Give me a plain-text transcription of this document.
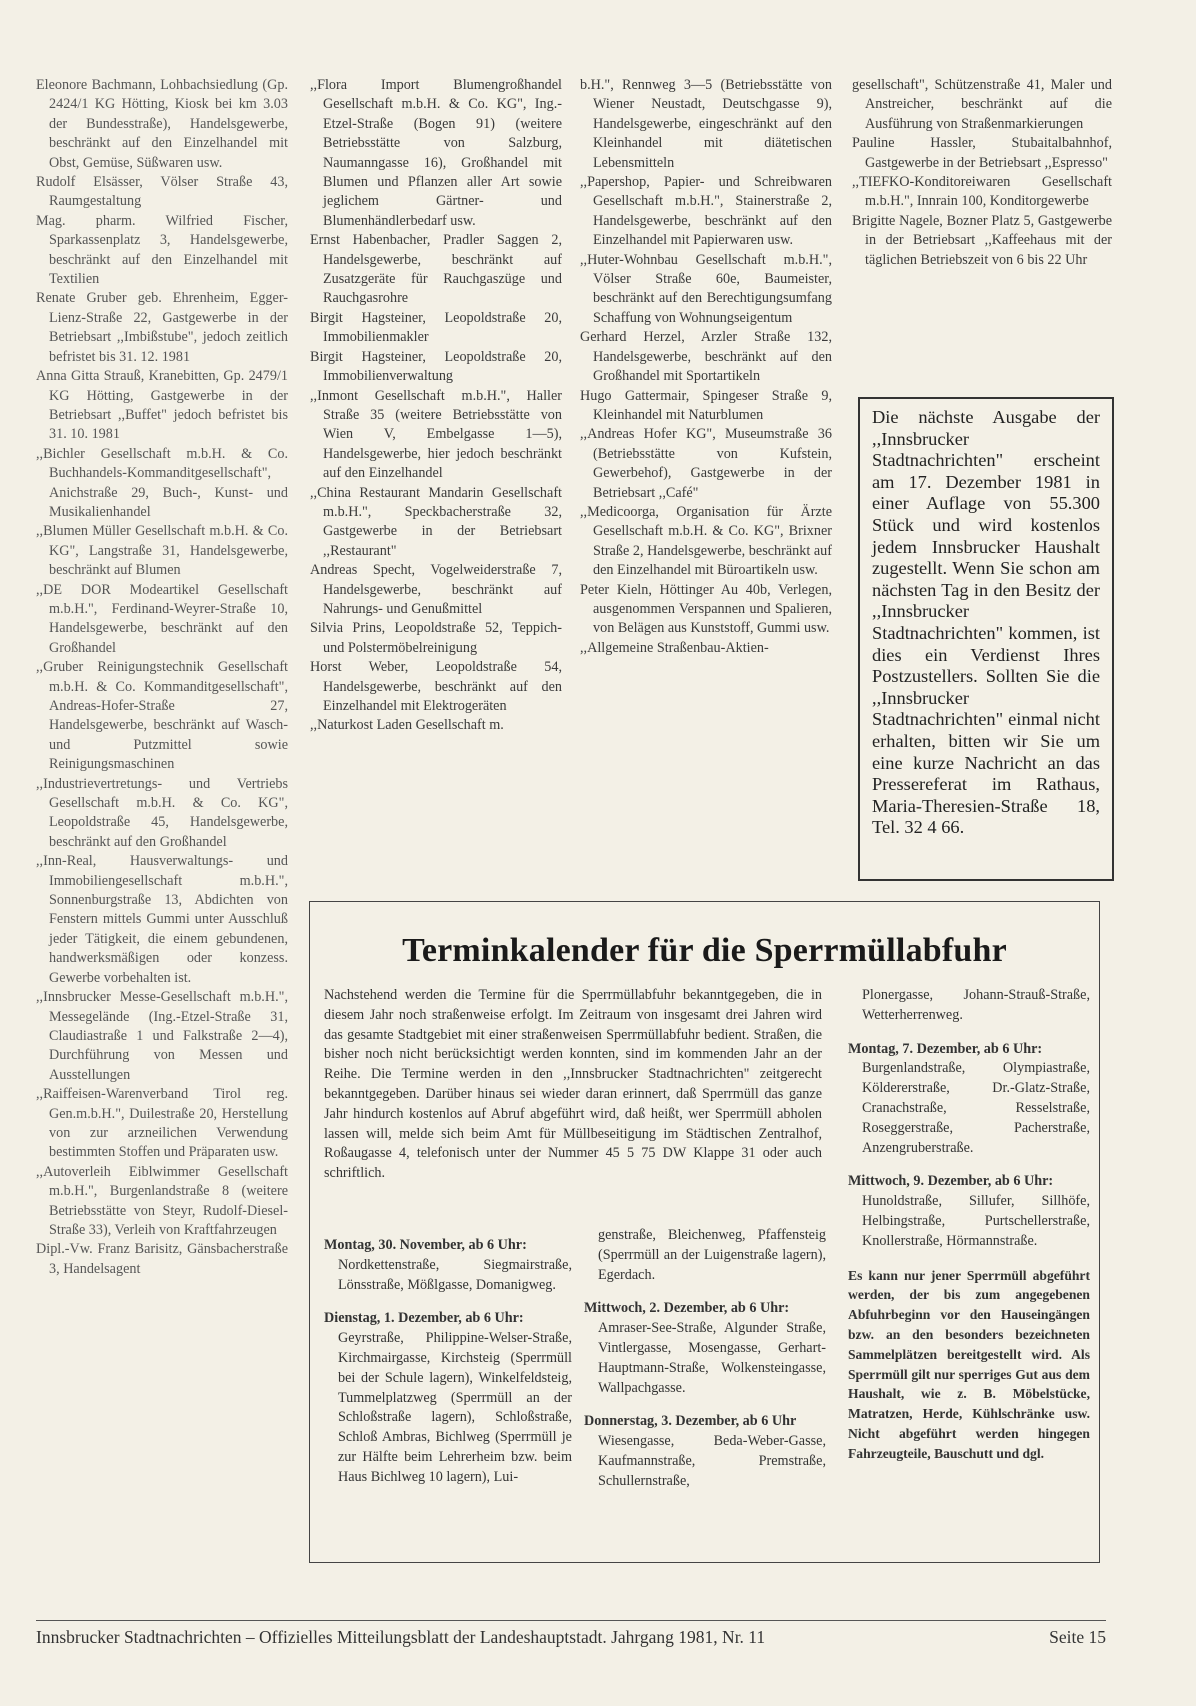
Eleonore Bachmann, Lohbachsiedlung (Gp. 2424/1 KG Hötting, Kiosk bei km 3.03 der Bundesstraße), Handelsgewerbe, beschränkt auf den Einzelhandel mit Obst, Gemüse, Süßwaren usw.

Rudolf Elsässer, Völser Straße 43, Raumgestaltung

Mag. pharm. Wilfried Fischer, Sparkassenplatz 3, Handelsgewerbe, beschränkt auf den Einzelhandel mit Textilien

Renate Gruber geb. Ehrenheim, Egger-Lienz-Straße 22, Gastgewerbe in der Betriebsart ,,Imbißstube", jedoch zeitlich befristet bis 31. 12. 1981

Anna Gitta Strauß, Kranebitten, Gp. 2479/1 KG Hötting, Gastgewerbe in der Betriebsart ,,Buffet" jedoch befristet bis 31. 10. 1981

,,Bichler Gesellschaft m.b.H. & Co. Buchhandels-Kommanditgesellschaft", Anichstraße 29, Buch-, Kunst- und Musikalienhandel

,,Blumen Müller Gesellschaft m.b.H. & Co. KG", Langstraße 31, Handelsgewerbe, beschränkt auf Blumen

,,DE DOR Modeartikel Gesellschaft m.b.H.", Ferdinand-Weyrer-Straße 10, Handelsgewerbe, beschränkt auf den Großhandel

,,Gruber Reinigungstechnik Gesellschaft m.b.H. & Co. Kommanditgesellschaft", Andreas-Hofer-Straße 27, Handelsgewerbe, beschränkt auf Wasch- und Putzmittel sowie Reinigungsmaschinen

,,Industrievertretungs- und Vertriebs Gesellschaft m.b.H. & Co. KG", Leopoldstraße 45, Handelsgewerbe, beschränkt auf den Großhandel

,,Inn-Real, Hausverwaltungs- und Immobiliengesellschaft m.b.H.", Sonnenburgstraße 13, Abdichten von Fenstern mittels Gummi unter Ausschluß jeder Tätigkeit, die einem gebundenen, handwerksmäßigen oder konzess. Gewerbe vorbehalten ist.

,,Innsbrucker Messe-Gesellschaft m.b.H.", Messegelände (Ing.-Etzel-Straße 31, Claudiastraße 1 und Falkstraße 2—4), Durchführung von Messen und Ausstellungen

,,Raiffeisen-Warenverband Tirol reg. Gen.m.b.H.", Duilestraße 20, Herstellung von zur arzneilichen Verwendung bestimmten Stoffen und Präparaten usw.

,,Autoverleih Eiblwimmer Gesellschaft m.b.H.", Burgenlandstraße 8 (weitere Betriebsstätte von Steyr, Rudolf-Diesel-Straße 33), Verleih von Kraftfahrzeugen

Dipl.-Vw. Franz Barisitz, Gänsbacherstraße 3, Handelsagent

,,Flora Import Blumengroßhandel Gesellschaft m.b.H. & Co. KG", Ing.-Etzel-Straße (Bogen 91) (weitere Betriebsstätte von Salzburg, Naumanngasse 16), Großhandel mit Blumen und Pflanzen aller Art sowie jeglichem Gärtner- und Blumenhändlerbedarf usw.

Ernst Habenbacher, Pradler Saggen 2, Handelsgewerbe, beschränkt auf Zusatzgeräte für Rauchgaszüge und Rauchgasrohre

Birgit Hagsteiner, Leopoldstraße 20, Immobilienmakler

Birgit Hagsteiner, Leopoldstraße 20, Immobilienverwaltung

,,Inmont Gesellschaft m.b.H.", Haller Straße 35 (weitere Betriebsstätte von Wien V, Embelgasse 1—5), Handelsgewerbe, hier jedoch beschränkt auf den Einzelhandel

,,China Restaurant Mandarin Gesellschaft m.b.H.", Speckbacherstraße 32, Gastgewerbe in der Betriebsart ,,Restaurant"

Andreas Specht, Vogelweiderstraße 7, Handelsgewerbe, beschränkt auf Nahrungs- und Genußmittel

Silvia Prins, Leopoldstraße 52, Teppich- und Polstermöbelreinigung

Horst Weber, Leopoldstraße 54, Handelsgewerbe, beschränkt auf den Einzelhandel mit Elektrogeräten

,,Naturkost Laden Gesellschaft m.

b.H.", Rennweg 3—5 (Betriebsstätte von Wiener Neustadt, Deutschgasse 9), Handelsgewerbe, eingeschränkt auf den Kleinhandel mit diätetischen Lebensmitteln

,,Papershop, Papier- und Schreibwaren Gesellschaft m.b.H.", Stainerstraße 2, Handelsgewerbe, beschränkt auf den Einzelhandel mit Papierwaren usw.

,,Huter-Wohnbau Gesellschaft m.b.H.", Völser Straße 60e, Baumeister, beschränkt auf den Berechtigungsumfang Schaffung von Wohnungseigentum

Gerhard Herzel, Arzler Straße 132, Handelsgewerbe, beschränkt auf den Großhandel mit Sportartikeln

Hugo Gattermair, Spingeser Straße 9, Kleinhandel mit Naturblumen

,,Andreas Hofer KG", Museumstraße 36 (Betriebsstätte von Kufstein, Gewerbehof), Gastgewerbe in der Betriebsart ,,Café"

,,Medicoorga, Organisation für Ärzte Gesellschaft m.b.H. & Co. KG", Brixner Straße 2, Handelsgewerbe, beschränkt auf den Einzelhandel mit Büroartikeln usw.

Peter Kieln, Höttinger Au 40b, Verlegen, ausgenommen Verspannen und Spalieren, von Belägen aus Kunststoff, Gummi usw.

,,Allgemeine Straßenbau-Aktien-

gesellschaft", Schützenstraße 41, Maler und Anstreicher, beschränkt auf die Ausführung von Straßenmarkierungen

Pauline Hassler, Stubaitalbahnhof, Gastgewerbe in der Betriebsart ,,Espresso"

,,TIEFKO-Konditoreiwaren Gesellschaft m.b.H.", Innrain 100, Konditorgewerbe

Brigitte Nagele, Bozner Platz 5, Gastgewerbe in der Betriebsart ,,Kaffeehaus mit der täglichen Betriebszeit von 6 bis 22 Uhr

Die nächste Ausgabe der ,,Innsbrucker Stadtnachrichten" erscheint am 17. Dezember 1981 in einer Auflage von 55.300 Stück und wird kostenlos jedem Innsbrucker Haushalt zugestellt. Wenn Sie schon am nächsten Tag in den Besitz der ,,Innsbrucker Stadtnachrichten" kommen, ist dies ein Verdienst Ihres Postzustellers. Sollten Sie die ,,Innsbrucker Stadtnachrichten" einmal nicht erhalten, bitten wir Sie um eine kurze Nachricht an das Pressereferat im Rathaus, Maria-Theresien-Straße 18, Tel. 32 4 66.
Terminkalender für die Sperrmüllabfuhr
Nachstehend werden die Termine für die Sperrmüllabfuhr bekanntgegeben, die in diesem Jahr noch straßenweise erfolgt. Im Zeitraum von insgesamt drei Jahren wird das gesamte Stadtgebiet mit einer straßenweisen Sperrmüllabfuhr bedient. Straßen, die bisher noch nicht berücksichtigt werden konnten, sind im kommenden Jahr an der Reihe. Die Termine werden in den ,,Innsbrucker Stadtnachrichten" zeitgerecht bekanntgegeben. Darüber hinaus sei wieder daran erinnert, daß Sperrmüll das ganze Jahr hindurch kostenlos auf Abruf abgeführt wird, daß heißt, wer Sperrmüll abholen lassen will, melde sich beim Amt für Müllbeseitigung im Städtischen Zentralhof, Roßaugasse 4, telefonisch unter der Nummer 45 5 75 DW Klappe 31 oder auch schriftlich.
Montag, 30. November, ab 6 Uhr:
Nordkettenstraße, Siegmairstraße, Lönsstraße, Mößlgasse, Domanigweg.
Dienstag, 1. Dezember, ab 6 Uhr:
Geyrstraße, Philippine-Welser-Straße, Kirchmairgasse, Kirchsteig (Sperrmüll bei der Schule lagern), Winkelfeldsteig, Tummelplatzweg (Sperrmüll an der Schloßstraße lagern), Schloßstraße, Schloß Ambras, Bichlweg (Sperrmüll je zur Hälfte beim Lehrerheim bzw. beim Haus Bichlweg 10 lagern), Lui-
genstraße, Bleichenweg, Pfaffensteig (Sperrmüll an der Luigenstraße lagern), Egerdach.
Mittwoch, 2. Dezember, ab 6 Uhr:
Amraser-See-Straße, Algunder Straße, Vintlergasse, Mosengasse, Gerhart-Hauptmann-Straße, Wolkensteingasse, Wallpachgasse.
Donnerstag, 3. Dezember, ab 6 Uhr
Wiesengasse, Beda-Weber-Gasse, Kaufmannstraße, Premstraße, Schullernstraße,
Plonergasse, Johann-Strauß-Straße, Wetterherrenweg.
Montag, 7. Dezember, ab 6 Uhr:
Burgenlandstraße, Olympiastraße, Köldererstraße, Dr.-Glatz-Straße, Cranachstraße, Resselstraße, Roseggerstraße, Pacherstraße, Anzengruberstraße.
Mittwoch, 9. Dezember, ab 6 Uhr:
Hunoldstraße, Sillufer, Sillhöfe, Helbingstraße, Purtschellerstraße, Knollerstraße, Hörmannstraße.
Es kann nur jener Sperrmüll abgeführt werden, der bis zum angegebenen Abfuhrbeginn vor den Hauseingängen bzw. an den besonders bezeichneten Sammelplätzen bereitgestellt wird. Als Sperrmüll gilt nur sperriges Gut aus dem Haushalt, wie z. B. Möbelstücke, Matratzen, Herde, Kühlschränke usw. Nicht abgeführt werden hingegen Fahrzeugteile, Bauschutt und dgl.
Innsbrucker Stadtnachrichten – Offizielles Mitteilungsblatt der Landeshauptstadt. Jahrgang 1981, Nr. 11	Seite 15
